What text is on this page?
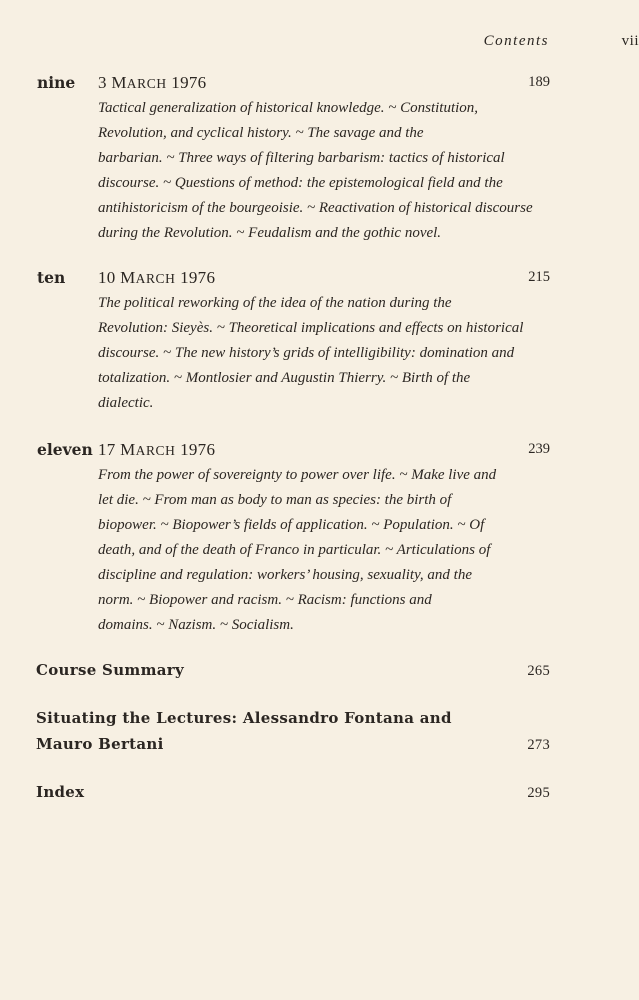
Contents	vii
nine 3 MARCH 1976	189
Tactical generalization of historical knowledge. ~ Constitution,
Revolution, and cyclical history. ~ The savage and the
barbarian. ~ Three ways of filtering barbarism: tactics of historical
discourse. ~ Questions of method: the epistemological field and the
antihistoricism of the bourgeoisie. ~ Reactivation of historical discourse
during the Revolution. ~ Feudalism and the gothic novel.
ten 10 MARCH 1976	215
The political reworking of the idea of the nation during the
Revolution: Sieyès. ~ Theoretical implications and effects on historical
discourse. ~ The new history’s grids of intelligibility: domination and
totalization. ~ Montlosier and Augustin Thierry. ~ Birth of the
dialectic.
eleven 17 MARCH 1976	239
From the power of sovereignty to power over life. ~ Make live and
let die. ~ From man as body to man as species: the birth of
biopower. ~ Biopower’s fields of application. ~ Population. ~ Of
death, and of the death of Franco in particular. ~ Articulations of
discipline and regulation: workers’ housing, sexuality, and the
norm. ~ Biopower and racism. ~ Racism: functions and
domains. ~ Nazism. ~ Socialism.
Course Summary	265
Situating the Lectures: Alessandro Fontana and
Mauro Bertani	273
Index	295
